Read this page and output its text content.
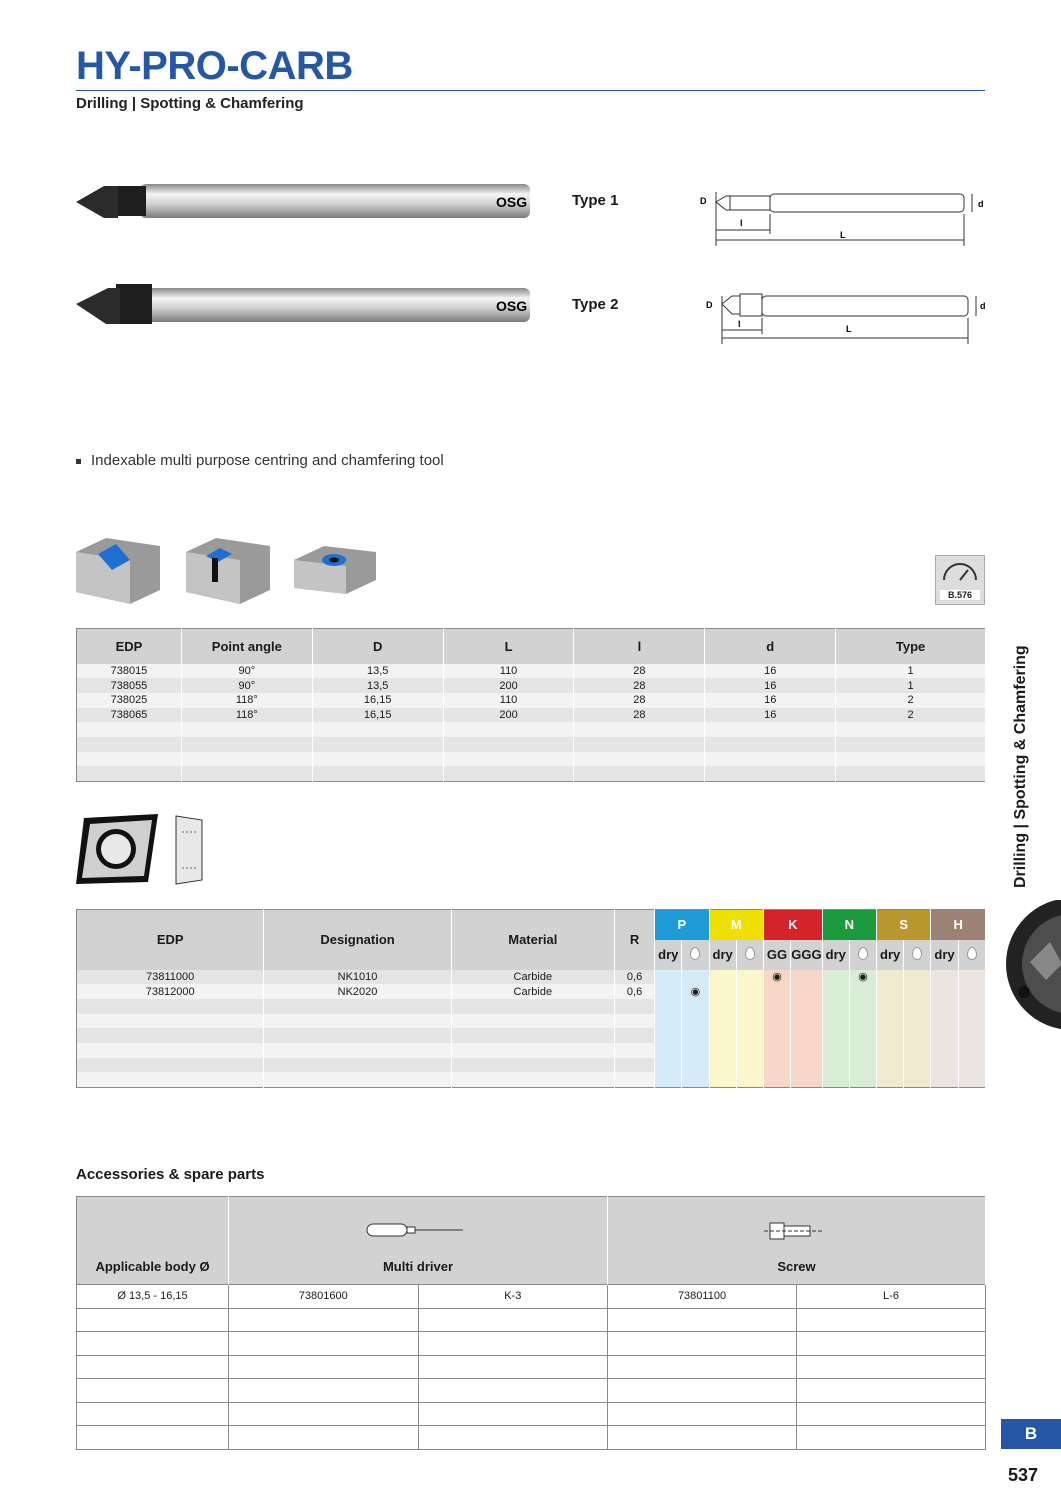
HY-PRO-CARB
Drilling | Spotting & Chamfering
OSG
OSG
Type 1
Type 2
D
l
L
d
D
l	L
d
Indexable multi purpose centring and chamfering tool
B.576
EDP	Point angle	D	L	l	d	Type
738015	90°	13,5	110	28	16	1
738055	90°	13,5	200	28	16	1
738025	118°	16,15	110	28	16	2
738065	118°	16,15	200	28	16	2

EDP	Designation	Material	R	P		M		K		N		S		H	
				dry		dry		GG	GGG	dry		dry		dry	
73811000	NK1010	Carbide	0,6					◉			◉				
73812000	NK2020	Carbide	0,6		◉										

Accessories & spare parts
Applicable body Ø	Multi driver		Screw	
Ø 13,5 - 16,15	73801600	K-3	73801100	L-6

Drilling | Spotting & Chamfering
B
537
